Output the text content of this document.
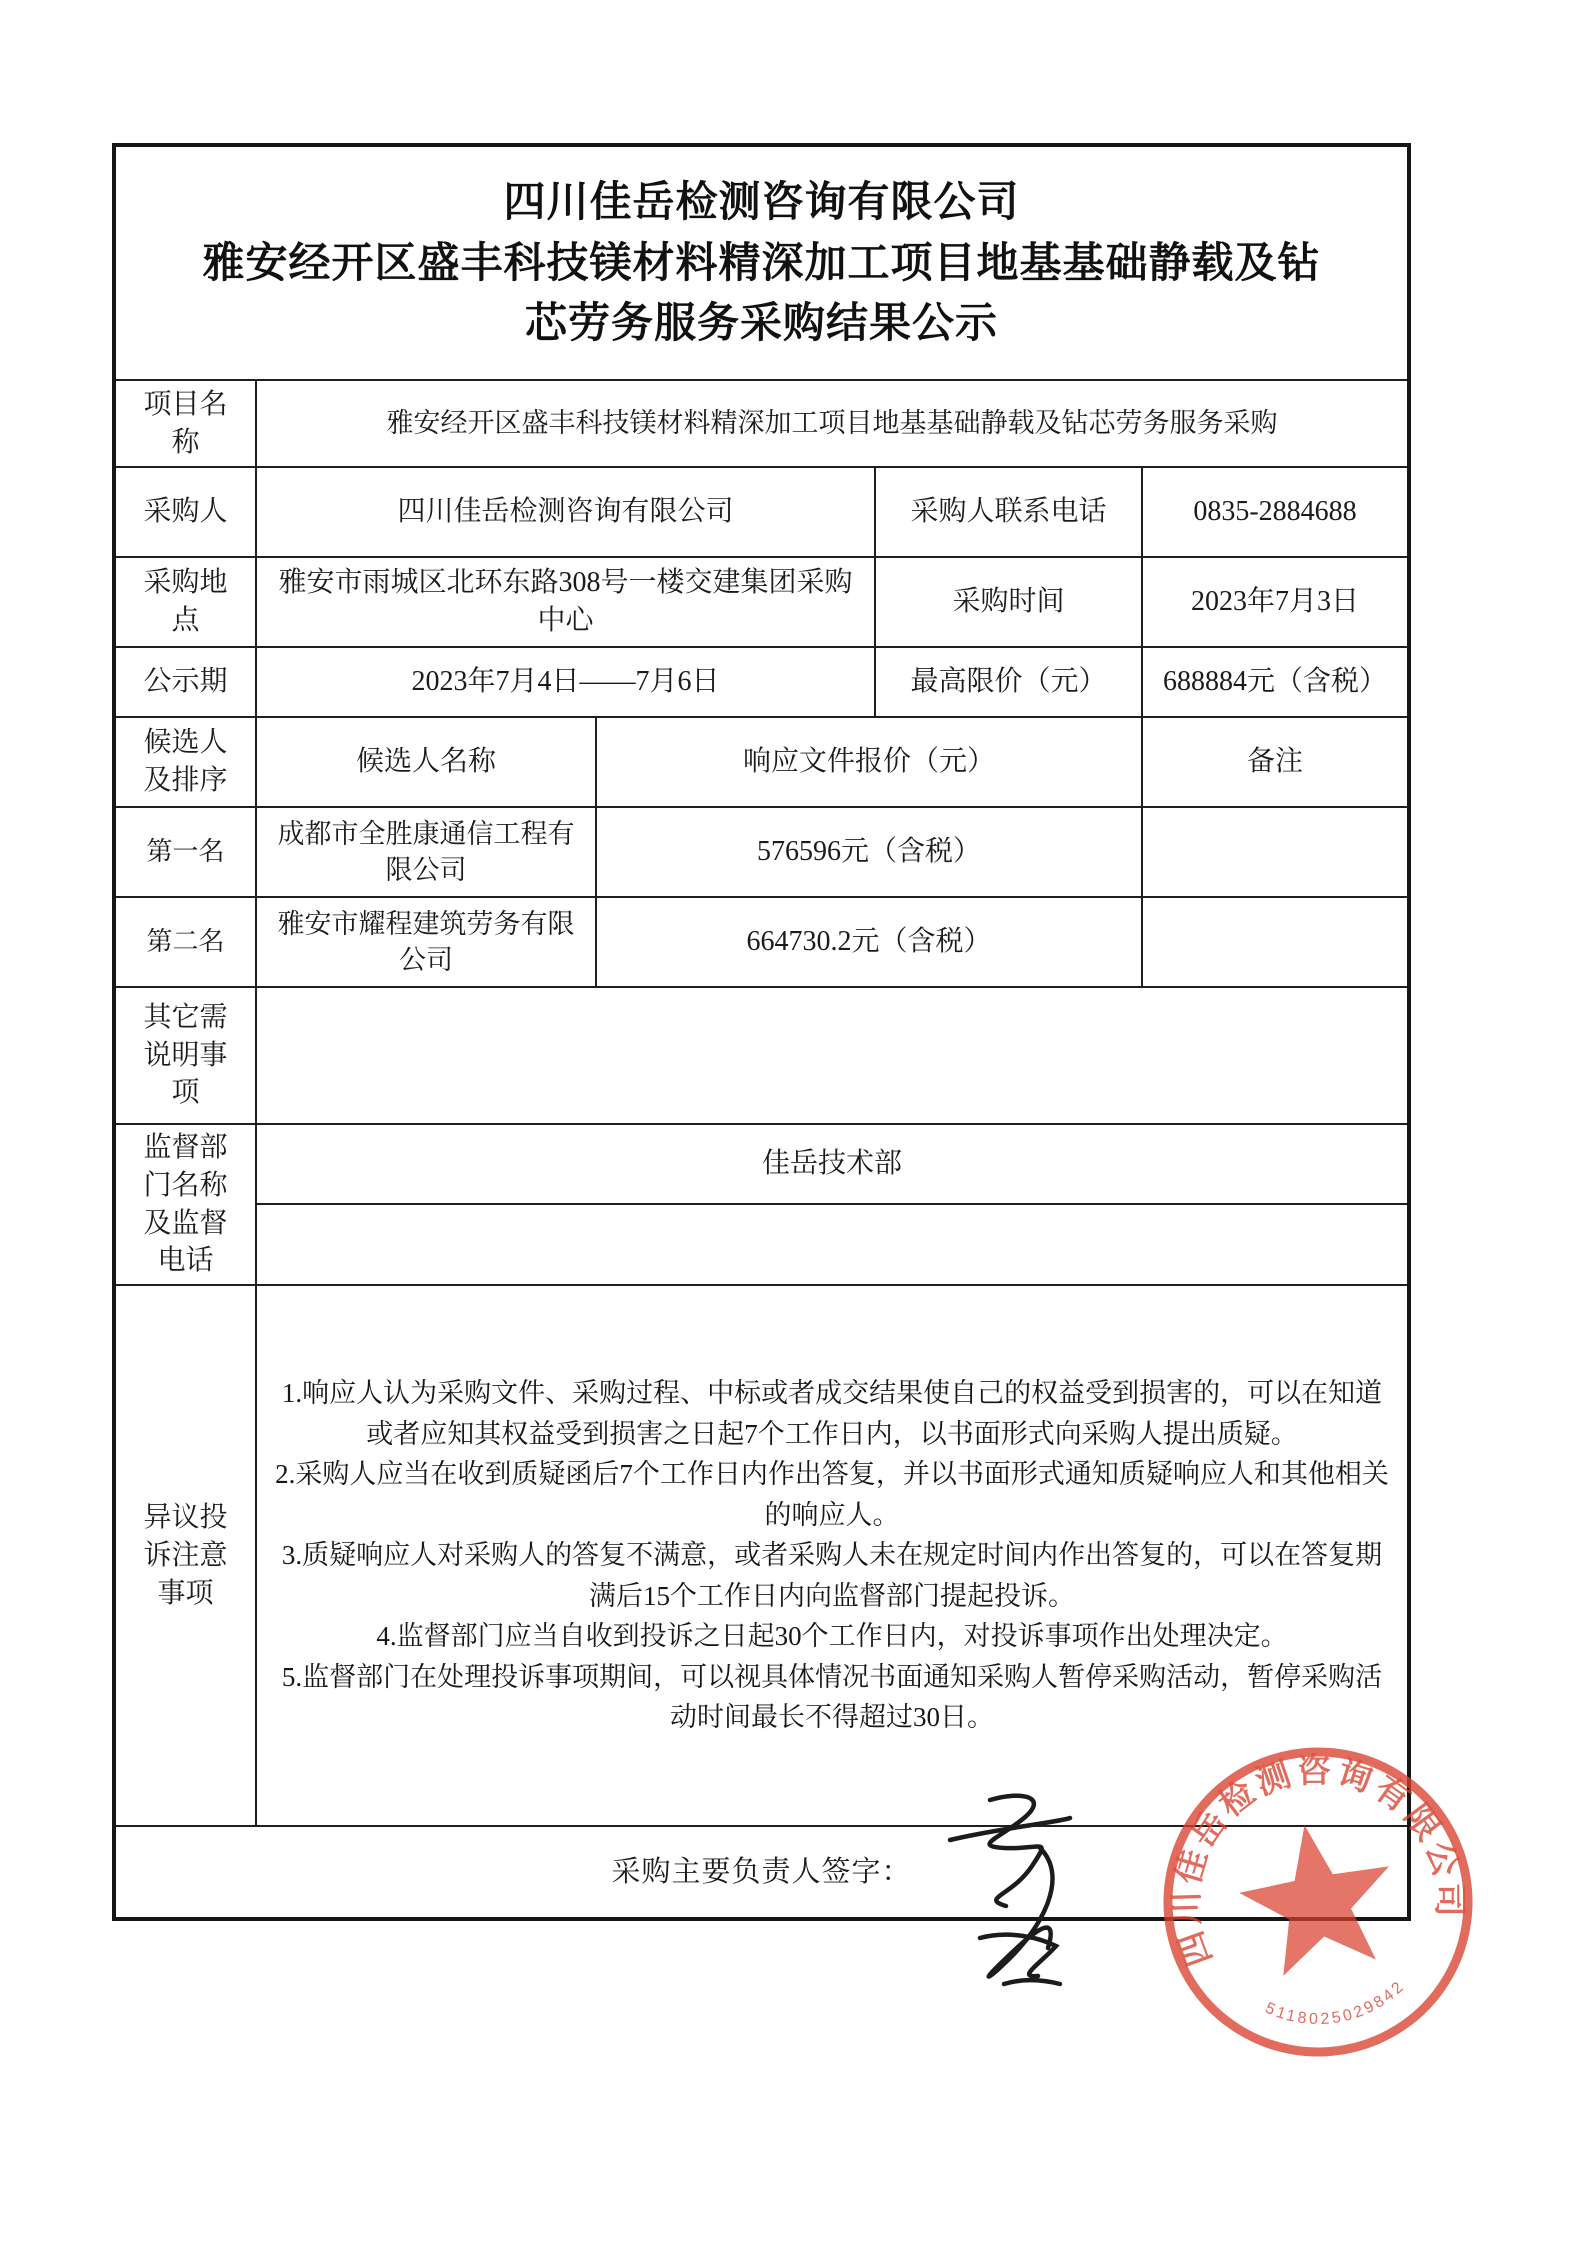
四川佳岳检测咨询有限公司
雅安经开区盛丰科技镁材料精深加工项目地基基础静载及钻
芯劳务服务采购结果公示				

项目名称	雅安经开区盛丰科技镁材料精深加工项目地基基础静载及钻芯劳务服务采购			
采购人	四川佳岳检测咨询有限公司		采购人联系电话	0835-2884688
采购地点	雅安市雨城区北环东路308号一楼交建集团采购中心		采购时间	2023年7月3日
公示期	2023年7月4日——7月6日		最高限价（元）	688884元（含税）
候选人及排序	候选人名称	响应文件报价（元）		备注
第一名	成都市全胜康通信工程有限公司	576596元（含税）		
第二名	雅安市耀程建筑劳务有限公司	664730.2元（含税）		
其它需说明事项				
监督部门名称及监督电话	佳岳技术部			

异议投诉注意事项	1.响应人认为采购文件、采购过程、中标或者成交结果使自己的权益受到损害的，可以在知道或者应知其权益受到损害之日起7个工作日内，以书面形式向采购人提出质疑。

2.采购人应当在收到质疑函后7个工作日内作出答复，并以书面形式通知质疑响应人和其他相关的响应人。

3.质疑响应人对采购人的答复不满意，或者采购人未在规定时间内作出答复的，可以在答复期满后15个工作日内向监督部门提起投诉。

4.监督部门应当自收到投诉之日起30个工作日内，对投诉事项作出处理决定。

5.监督部门在处理投诉事项期间，可以视具体情况书面通知采购人暂停采购活动，暂停采购活动时间最长不得超过30日。			

采购主要负责人签字：				
四川佳岳检测咨询有限公司
5118025029842
